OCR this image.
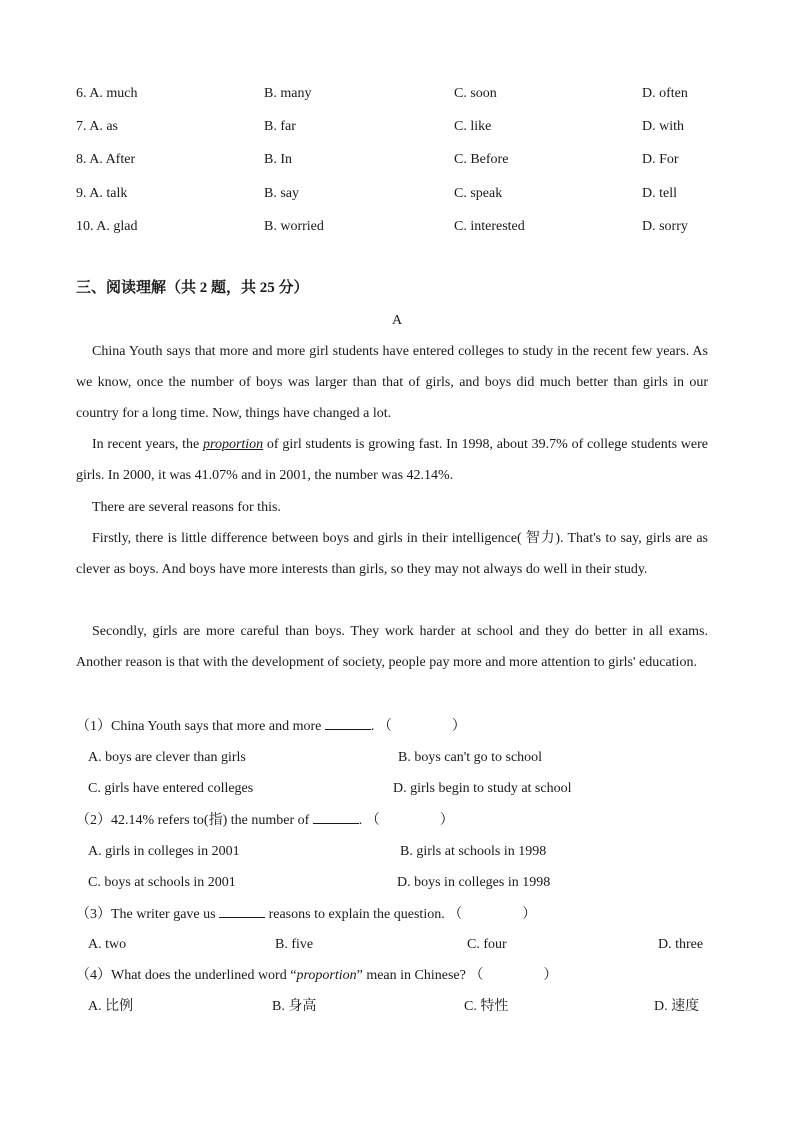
6. A. much	B. many	C. soon	D. often
7. A. as	B. far	C. like	D. with
8. A. After	B. In	C. Before	D. For
9. A. talk	B. say	C. speak	D. tell
10. A. glad	B. worried	C. interested	D. sorry
三、阅读理解（共 2 题，共 25 分）
A
China Youth says that more and more girl students have entered colleges to study in the recent few years. As we know, once the number of boys was larger than that of girls, and boys did much better than girls in our country for a long time. Now, things have changed a lot.
In recent years, the proportion of girl students is growing fast. In 1998, about 39.7% of college students were girls. In 2000, it was 41.07% and in 2001, the number was 42.14%.
There are several reasons for this.
Firstly, there is little difference between boys and girls in their intelligence( 智力). That's to say, girls are as clever as boys. And boys have more interests than girls, so they may not always do well in their study.
Secondly, girls are more careful than boys. They work harder at school and they do better in all exams. Another reason is that with the development of society, people pay more and more attention to girls' education.
（1）China Youth says that more and more	. （	）
A. boys are clever than girls	B. boys can't go to school
C. girls have entered colleges	D. girls begin to study at school
（2）42.14% refers to(指) the number of	. （	）
A. girls in colleges in 2001	B. girls at schools in 1998
C. boys at schools in 2001	D. boys in colleges in 1998
（3）The writer gave us	reasons to explain the question. （	）
A. two	B. five	C. four	D. three
（4）What does the underlined word “proportion” mean in Chinese? （	）
A. 比例	B. 身高	C. 特性	D. 速度
